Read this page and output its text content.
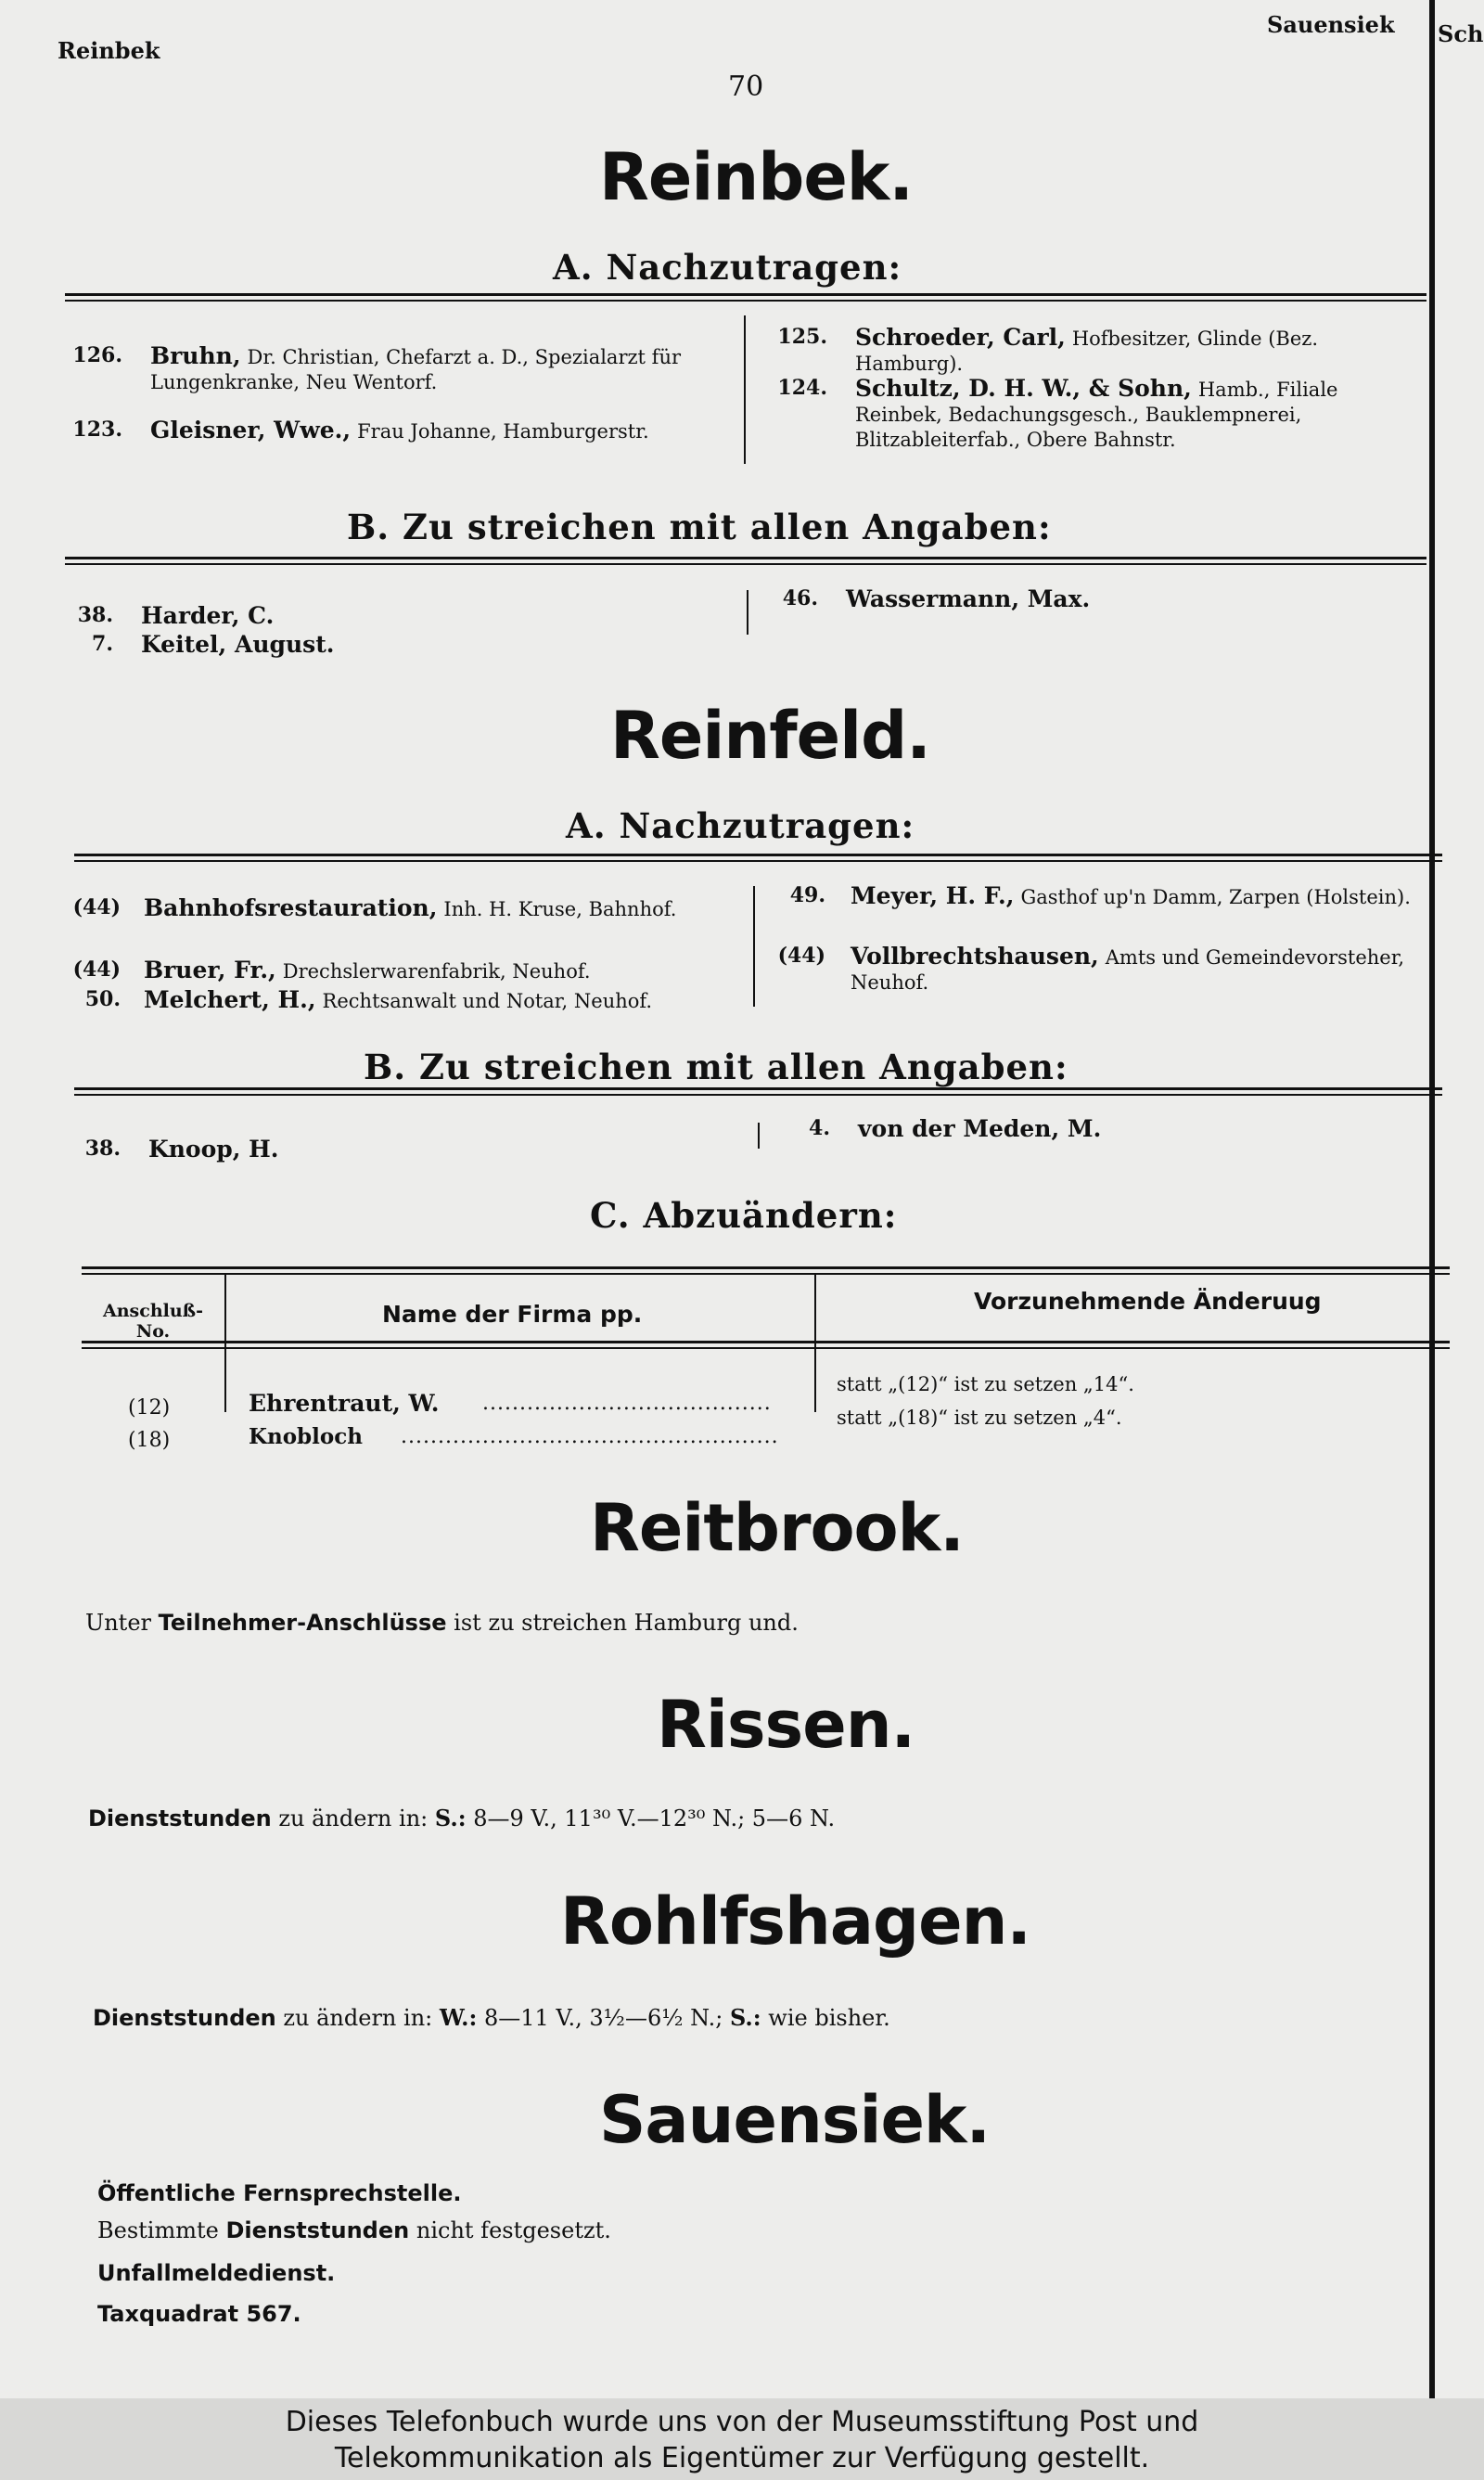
Reinbek
70
Sauensiek Sch
Reinbek.
A. Nachzutragen:
126. Bruhn, Dr. Christian, Chefarzt a. D., Spezialarzt für Lungenkranke, Neu Wentorf.
123. Gleisner, Wwe., Frau Johanne, Hamburgerstr.
125. Schroeder, Carl, Hofbesitzer, Glinde (Bez. Hamburg).
124. Schultz, D. H. W., & Sohn, Hamb., Filiale Reinbek, Bedachungsgesch., Bauklempnerei, Blitzableiterfab., Obere Bahnstr.
B. Zu streichen mit allen Angaben:
38. Harder, C.
7. Keitel, August.
46. Wassermann, Max.
Reinfeld.
A. Nachzutragen:
(44) Bahnhofsrestauration, Inh. H. Kruse, Bahnhof.
(44) Bruer, Fr., Drechslerwarenfabrik, Neuhof.
50. Melchert, H., Rechtsanwalt und Notar, Neuhof.
49. Meyer, H. F., Gasthof up'n Damm, Zarpen (Holstein).
(44) Vollbrechtshausen, Amts und Gemeindevorsteher, Neuhof.
B. Zu streichen mit allen Angaben:
38. Knoop, H.
4. von der Meden, M.
C. Abzuändern:
Anschluß-
No.
Name der Firma pp.	Vorzunehmende Änderuug
(12)	Ehrentraut, W. .......................................
statt „(12)“ ist zu setzen „14“.
(18)	Knobloch ...................................................
statt „(18)“ ist zu setzen „4“.
Reitbrook.
Unter Teilnehmer-Anschlüsse ist zu streichen Hamburg und.
Rissen.
Dienststunden zu ändern in: S.: 8—9 V., 11³⁰ V.—12³⁰ N.; 5—6 N.
Rohlfshagen.
Dienststunden zu ändern in: W.: 8—11 V., 3½—6½ N.; S.: wie bisher.
Sauensiek.
Öffentliche Fernsprechstelle.
Bestimmte Dienststunden nicht festgesetzt.
Unfallmeldedienst.
Taxquadrat 567.
Dieses Telefonbuch wurde uns von der Museumsstiftung Post und
Telekommunikation als Eigentümer zur Verfügung gestellt.
